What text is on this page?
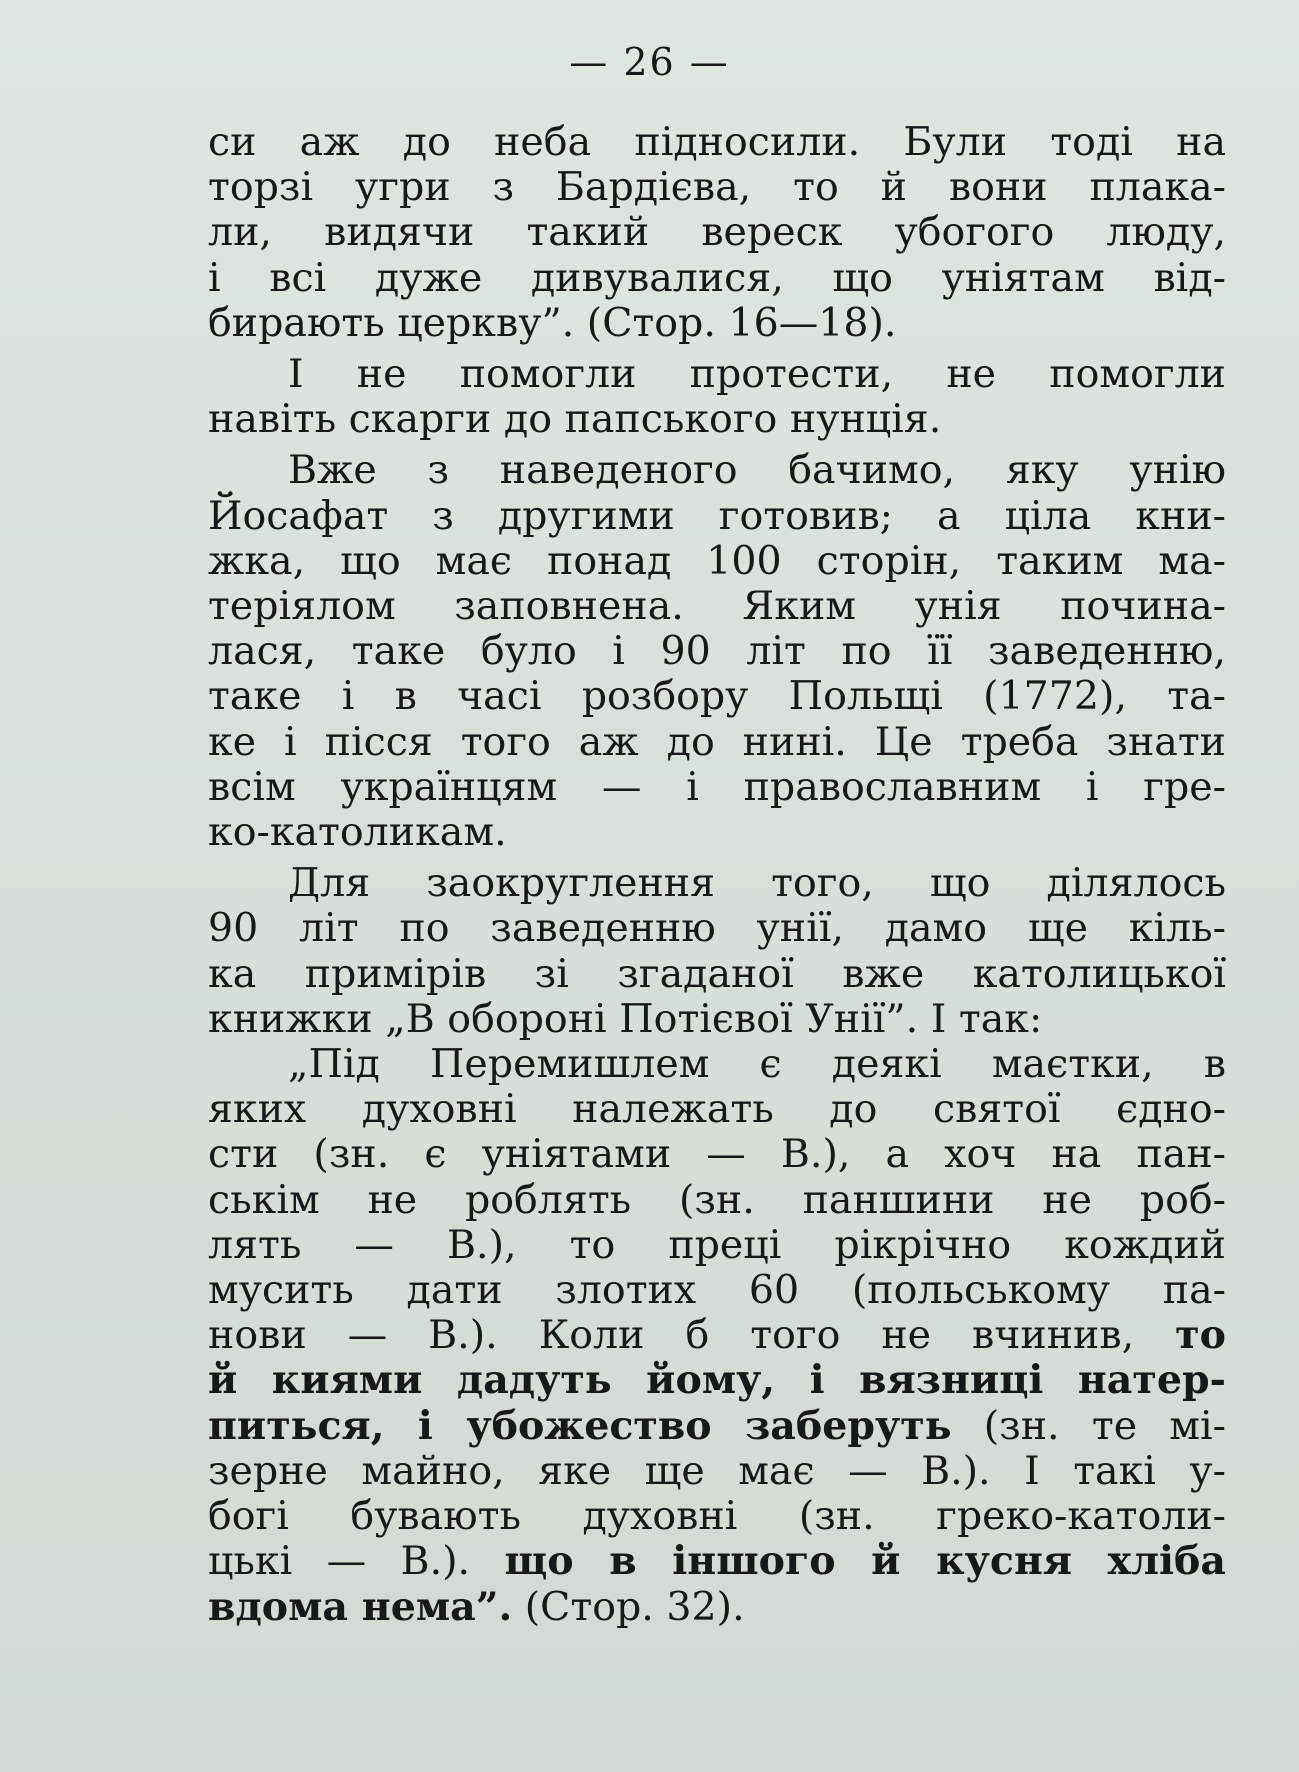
— 26 —
си аж до неба підносили. Були тоді на
торзі угри з Бардієва, то й вони плака-
ли, видячи такий вереск убогого люду,
і всі дуже дивувалися, що уніятам від-
бирають церкву”. (Стор. 16—18).
І не помогли протести, не помогли
навіть скарги до папського нунція.
Вже з наведеного бачимо, яку унію
Йосафат з другими готовив; а ціла кни-
жка, що має понад 100 сторін, таким ма-
теріялом заповнена. Яким унія почина-
лася, таке було і 90 літ по її заведенню,
таке і в часі розбору Польщі (1772), та-
ке і пісся того аж до нині. Це треба знати
всім українцям — і православним і гре-
ко-католикам.
Для заокруглення того, що ділялось
90 літ по заведенню унії, дамо ще кіль-
ка примірів зі згаданої вже католицької
книжки „В обороні Потієвої Унії”. І так:
„Під Перемишлем є деякі маєтки, в
яких духовні належать до святої єдно-
сти (зн. є уніятами — В.), а хоч на пан-
ськім не роблять (зн. паншини не роб-
лять — В.), то преці рікрічно кождий
мусить дати злотих 60 (польському па-
нови — В.). Коли б того не вчинив, то
й киями дадуть йому, і вязниці натер-
питься, і убожество заберуть (зн. те мі-
зерне майно, яке ще має — В.). І такі у-
богі бувають духовні (зн. греко-католи-
цькі — В.). що в іншого й кусня хліба
вдома нема”. (Стор. 32).
